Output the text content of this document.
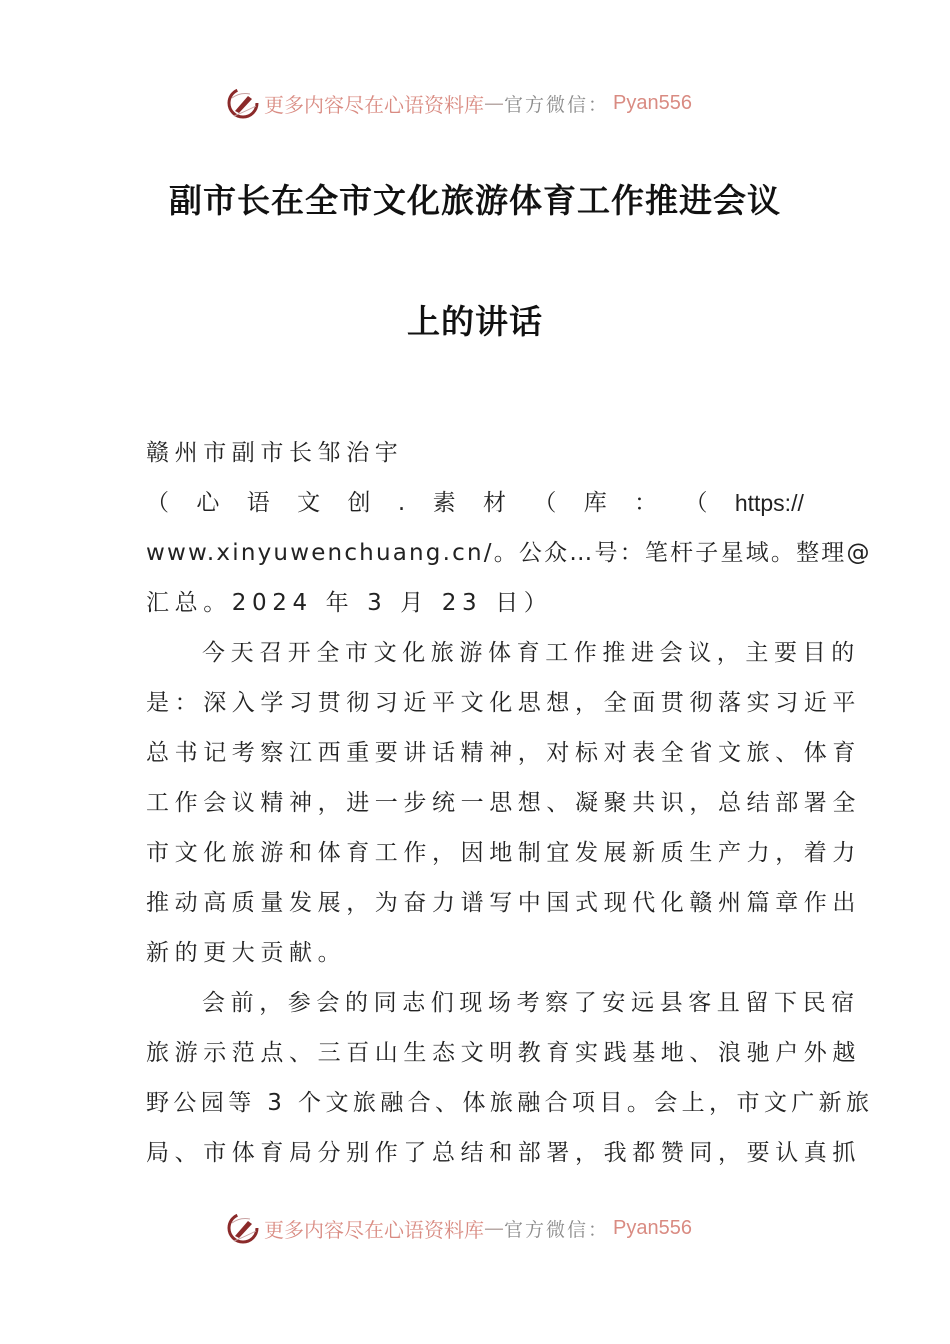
更多内容尽在心语资料库 — 官方微信： Pyan556
副市长在全市文化旅游体育工作推进会议
上的讲话
赣州市副市长邹治宇
（ 心 语 文 创 . 素 材 （ 库 ： （ https://
www.xinyuwenchuang.cn/。公众…号：笔杆子星域。整理@
汇总。2024 年 3 月 23 日）
今天召开全市文化旅游体育工作推进会议，主要目的
是：深入学习贯彻习近平文化思想，全面贯彻落实习近平
总书记考察江西重要讲话精神，对标对表全省文旅、体育
工作会议精神，进一步统一思想、凝聚共识，总结部署全
市文化旅游和体育工作，因地制宜发展新质生产力，着力
推动高质量发展，为奋力谱写中国式现代化赣州篇章作出
新的更大贡献。
会前，参会的同志们现场考察了安远县客且留下民宿
旅游示范点、三百山生态文明教育实践基地、浪驰户外越
野公园等 3 个文旅融合、体旅融合项目。会上，市文广新旅
局、市体育局分别作了总结和部署，我都赞同，要认真抓
更多内容尽在心语资料库 — 官方微信： Pyan556
